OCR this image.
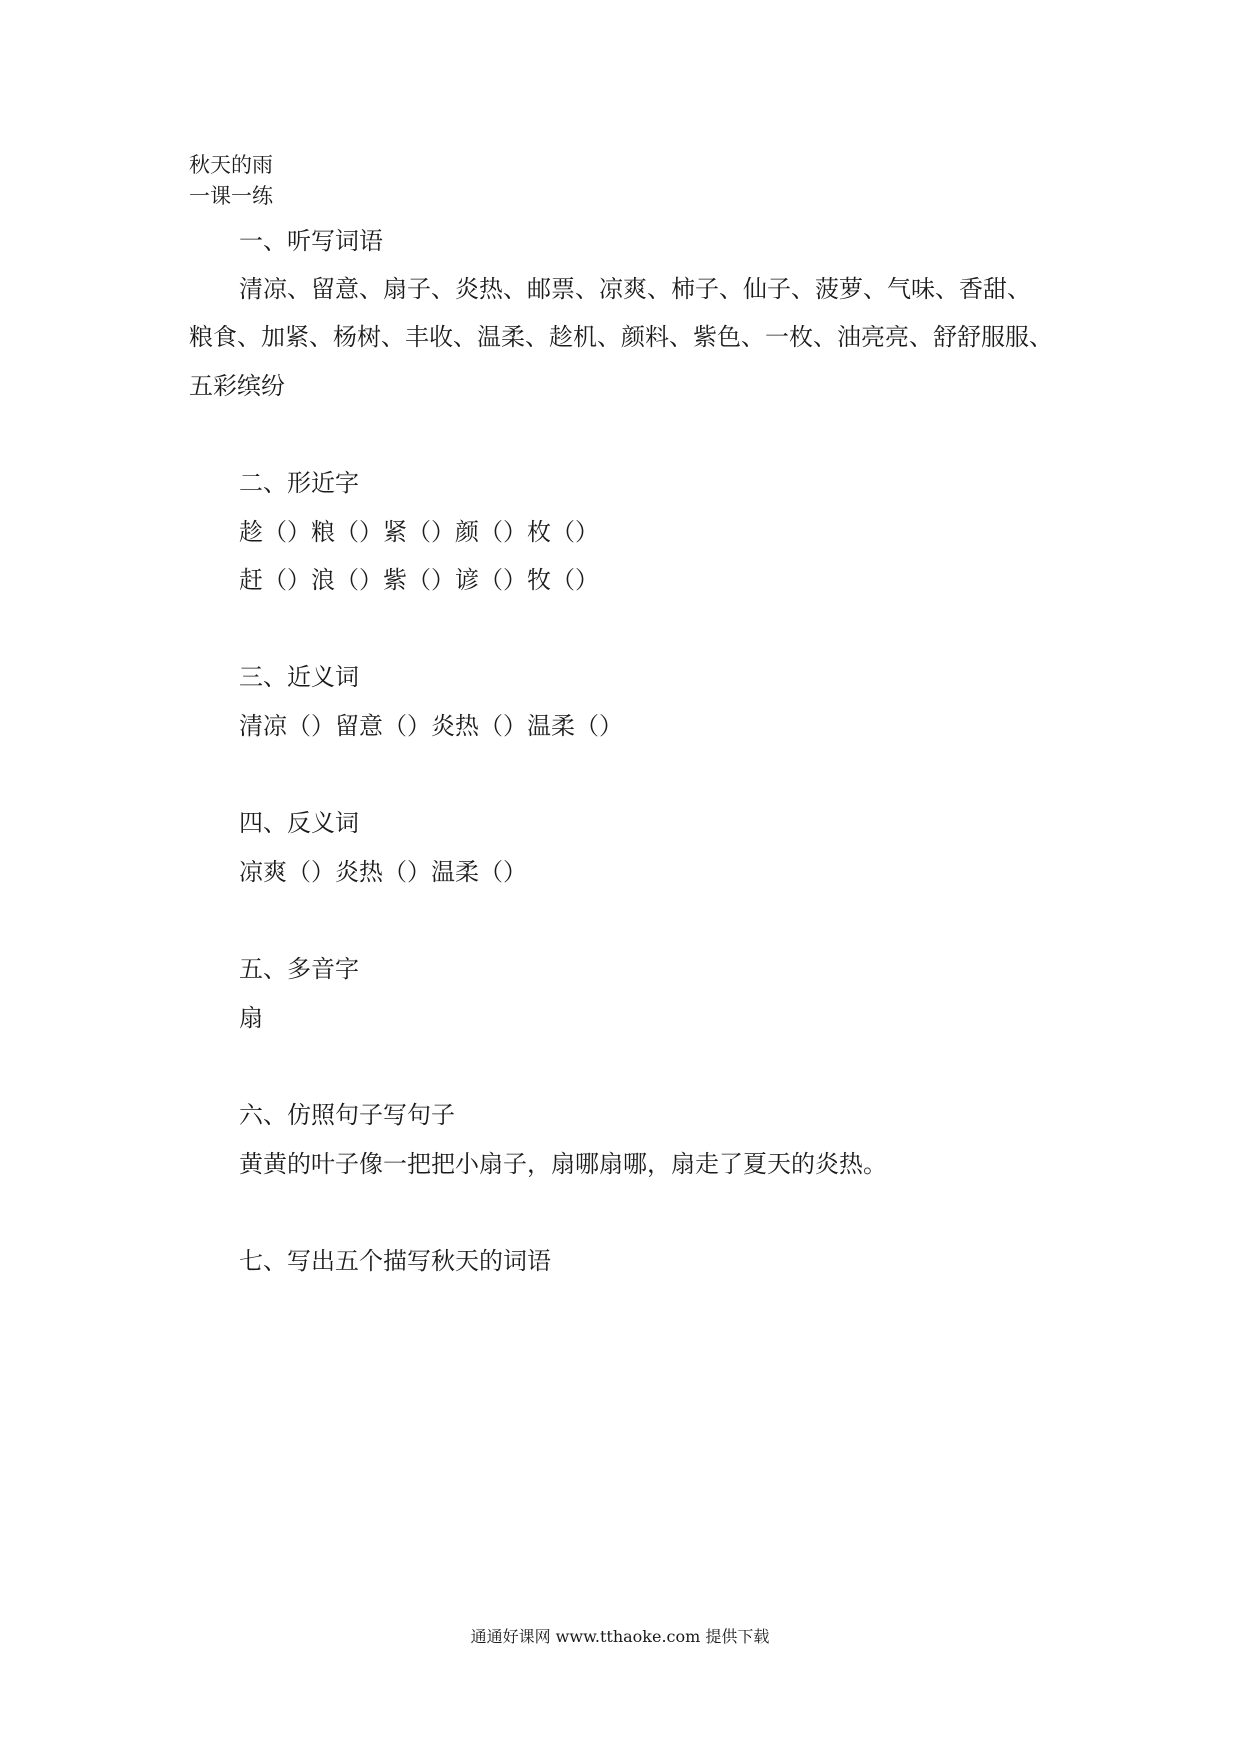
秋天的雨
一课一练
一、听写词语
清凉、留意、扇子、炎热、邮票、凉爽、柿子、仙子、菠萝、气味、香甜、
粮食、加紧、杨树、丰收、温柔、趁机、颜料、紫色、一枚、油亮亮、舒舒服服、
五彩缤纷
二、形近字
趁（）粮（）紧（）颜（）枚（）
赶（）浪（）紫（）谚（）牧（）
三、近义词
清凉（）留意（）炎热（）温柔（）
四、反义词
凉爽（）炎热（）温柔（）
五、多音字
扇
六、仿照句子写句子
黄黄的叶子像一把把小扇子，扇哪扇哪，扇走了夏天的炎热。
七、写出五个描写秋天的词语
通通好课网 www.tthaoke.com 提供下载
